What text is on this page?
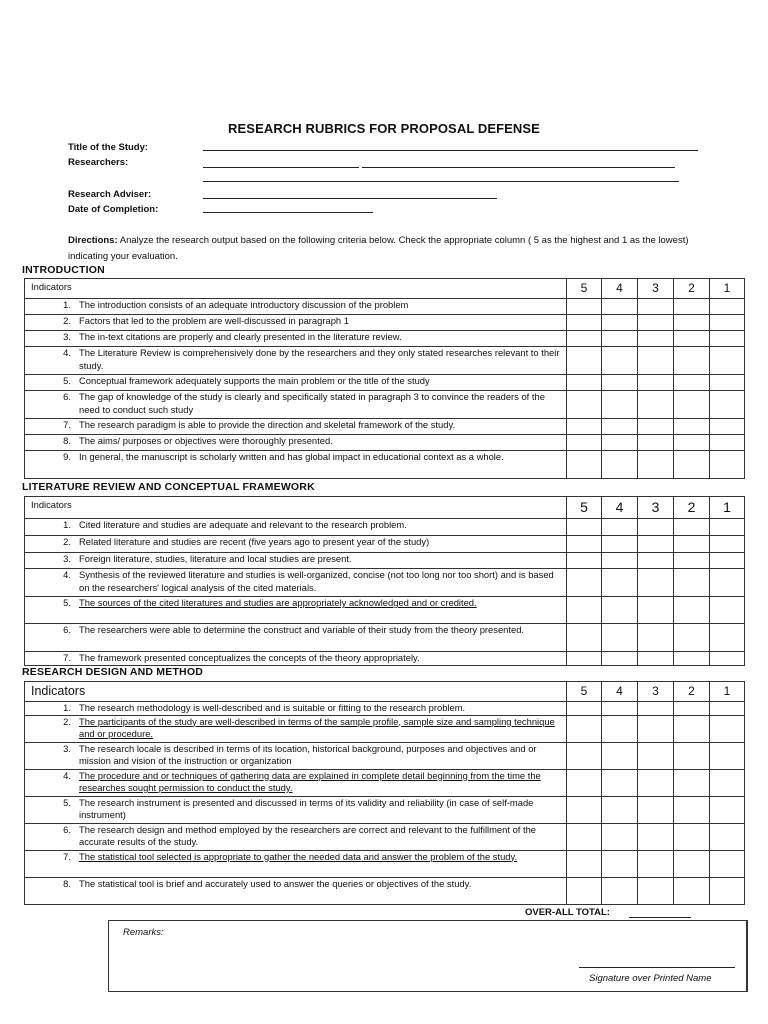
RESEARCH RUBRICS FOR PROPOSAL DEFENSE
Title of the Study:
Researchers:
Research Adviser:
Date of Completion:
Directions: Analyze the research output based on the following criteria below. Check the appropriate column ( 5 as the highest and 1 as the lowest) indicating your evaluation.
INTRODUCTION
Indicators	5	4	3	2	1

1. The introduction consists of an adequate introductory discussion of the problem					

2. Factors that led to the problem are well-discussed in paragraph 1					

3. The in-text citations are properly and clearly presented in the literature review.					

4. The Literature Review is comprehensively done by the researchers and they only stated researches relevant to their study.					

5. Conceptual framework adequately supports the main problem or the title of the study					

6. The gap of knowledge of the study is clearly and specifically stated in paragraph 3 to convince the readers of the need to conduct such study					

7. The research paradigm is able to provide the direction and skeletal framework of the study.					

8. The aims/ purposes or objectives were thoroughly presented.					

9. In general, the manuscript is scholarly written and has global impact in educational context as a whole.					

LITERATURE REVIEW AND CONCEPTUAL FRAMEWORK
Indicators	5	4	3	2	1

1. Cited literature and studies are adequate and relevant to the research problem.					

2. Related literature and studies are recent (five years ago to present year of the study)					

3. Foreign literature, studies, literature and local studies are present.					

4. Synthesis of the reviewed literature and studies is well-organized, concise (not too long nor too short) and is based on the researchers' logical analysis of the cited materials.					

5. The sources of the cited literatures and studies are appropriately acknowledged and or credited.					

6. The researchers were able to determine the construct and variable of their study from the theory presented.					

7. The framework presented conceptualizes the concepts of the theory appropriately.					

RESEARCH DESIGN AND METHOD
Indicators	5	4	3	2	1

1. The research methodology is well-described and is suitable or fitting to the research problem.					

2. The participants of the study are well-described in terms of the sample profile, sample size and sampling technique and or procedure.					

3. The research locale is described in terms of its location, historical background, purposes and objectives and or mission and vision of the instruction or organization					

4. The procedure and or techniques of gathering data are explained in complete detail beginning from the time the researches sought permission to conduct the study.					

5. The research instrument is presented and discussed in terms of its validity and reliability (in case of self-made instrument)					

6. The research design and method employed by the researchers are correct and relevant to the fulfillment of the accurate results of the study.					

7. The statistical tool selected is appropriate to gather the needed data and answer the problem of the study.					

8. The statistical tool is brief and accurately used to answer the queries or objectives of the study.					

OVER-ALL TOTAL:
Remarks:
Signature over Printed Name
